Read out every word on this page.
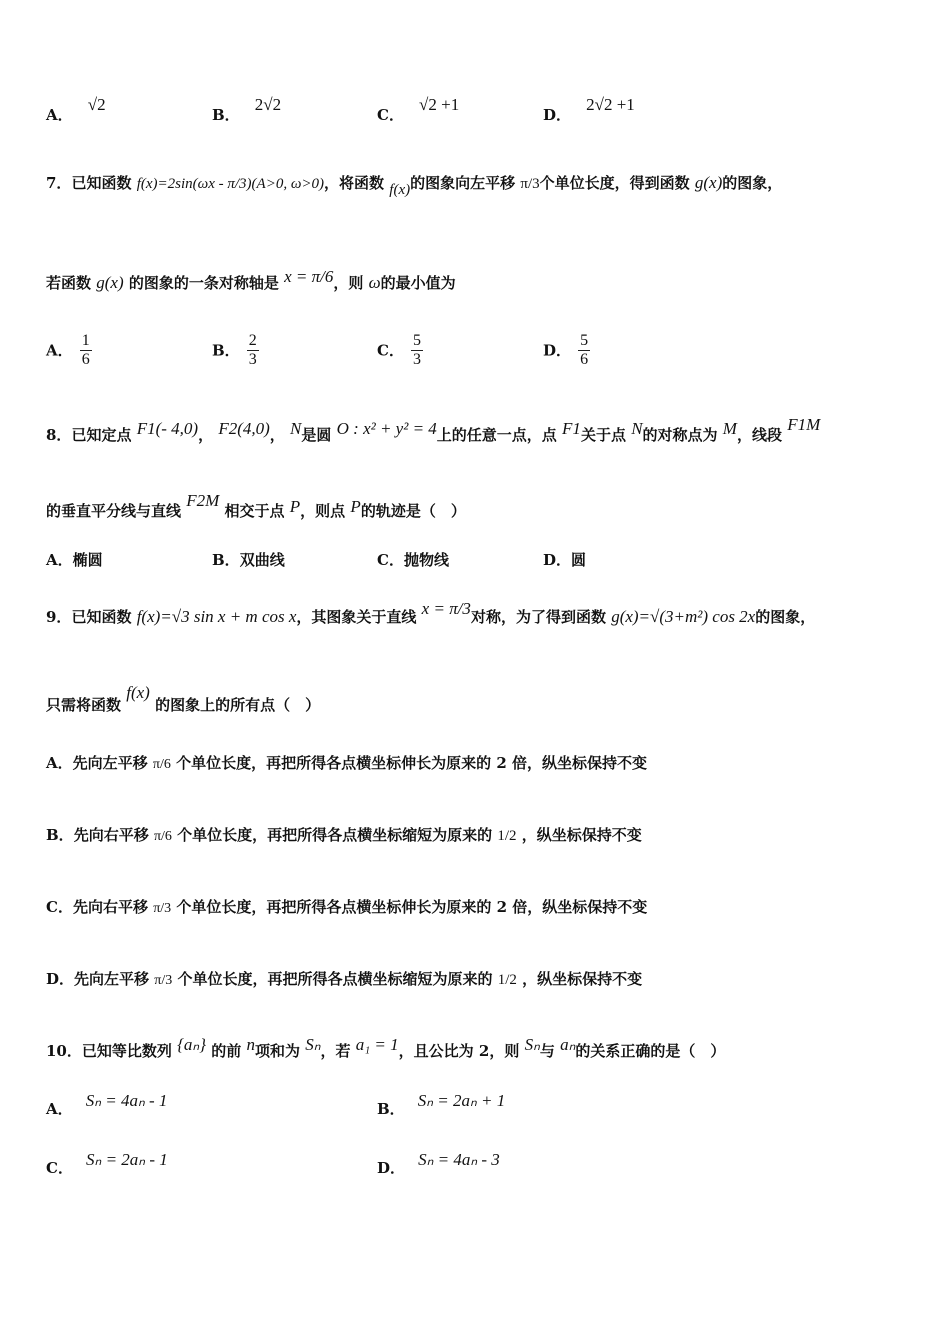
A． √2
B． 2√2
C． √2 +1
D． 2√2 +1
7．已知函数 f(x)=2sin(ωx - π/3)(A>0, ω>0)，将函数 f(x)的图象向左平移 π/3个单位长度，得到函数 g(x)的图象，
若函数 g(x) 的图象的一条对称轴是 x = π/6，则 ω的最小值为
A． $\frac{1}{6}$	B． $\frac{2}{3}$	C． $\frac{5}{3}$	D． $\frac{5}{6}$
8．已知定点 F1(- 4,0)， F2(4,0)， N是圆 O : x² + y² = 4上的任意一点，点 F1关于点 N的对称点为 M，线段 F1M
的垂直平分线与直线 F2M 相交于点 P，则点 P的轨迹是（　）
A．椭圆	B．双曲线	C．抛物线	D．圆
9．已知函数 f(x)=√3 sin x + m cos x，其图象关于直线 x = π/3对称，为了得到函数 g(x)=√(3+m²) cos 2x的图象，
只需将函数 f(x) 的图象上的所有点（　）
A．先向左平移 π/6 个单位长度，再把所得各点横坐标伸长为原来的 2 倍，纵坐标保持不变
B．先向右平移 π/6 个单位长度，再把所得各点横坐标缩短为原来的 1/2 ，纵坐标保持不变
C．先向右平移 π/3 个单位长度，再把所得各点横坐标伸长为原来的 2 倍，纵坐标保持不变
D．先向左平移 π/3 个单位长度，再把所得各点横坐标缩短为原来的 1/2 ，纵坐标保持不变
10．已知等比数列 {aₙ} 的前 n项和为 Sₙ，若 a₁ = 1，且公比为 2，则 Sₙ与 aₙ的关系正确的是（　）
A． Sₙ = 4aₙ - 1	B． Sₙ = 2aₙ + 1
C． Sₙ = 2aₙ - 1	D． Sₙ = 4aₙ - 3
